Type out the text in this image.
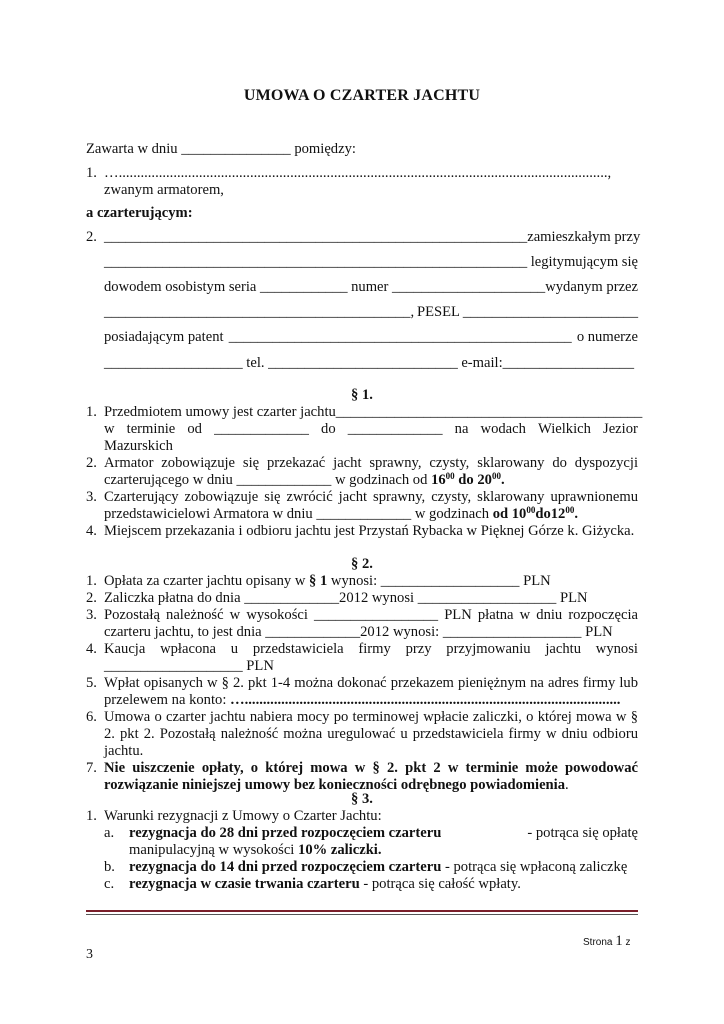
UMOWA O CZARTER JACHTU
Zawarta w dniu _______________ pomiędzy:
1. …......................................................................................................................................,
zwanym armatorem,
a czarterującym:
2. __________________________________________________________ zamieszkałym przy
__________________________________________________________ legitymującym się
dowodem osobistym seria ____________ numer _____________________wydanym przez
__________________________________________, PESEL ________________________
posiadającym patent _______________________________________________ o numerze
___________________ tel. __________________________ e-mail:__________________
§ 1.
1. Przedmiotem umowy jest czarter jachtu__________________________________________
w terminie od _____________ do _____________ na wodach Wielkich Jezior
Mazurskich
2. Armator zobowiązuje się przekazać jacht sprawny, czysty, sklarowany do dyspozycji
czarterującego w dniu _____________ w godzinach od $16^{00}$ do $20^{00}$.
3. Czarterujący zobowiązuje się zwrócić jacht sprawny, czysty, sklarowany uprawnionemu
przedstawicielowi Armatora w dniu _____________ w godzinach od $10^{00}do12^{00}$.
4. Miejscem przekazania i odbioru jachtu jest Przystań Rybacka w Pięknej Górze k. Giżycka.
§ 2.
1. Opłata za czarter jachtu opisany w § 1 wynosi: ___________________ PLN
2. Zaliczka płatna do dnia _____________2012 wynosi ___________________ PLN
3. Pozostałą należność w wysokości _________________ PLN płatna w dniu rozpoczęcia
czarteru jachtu, to jest dnia _____________2012 wynosi: ___________________ PLN
4. Kaucja wpłacona u przedstawiciela firmy przy przyjmowaniu jachtu wynosi
___________________ PLN
5. Wpłat opisanych w § 2. pkt 1-4 można dokonać przekazem pieniężnym na adres firmy lub
przelewem na konto: ….......................................................................................................
6. Umowa o czarter jachtu nabiera mocy po terminowej wpłacie zaliczki, o której mowa w §
2. pkt 2. Pozostałą należność można uregulować u przedstawiciela firmy w dniu odbioru
jachtu.
7. Nie uiszczenie opłaty, o której mowa w § 2. pkt 2 w terminie może powodować
rozwiązanie niniejszej umowy bez konieczności odrębnego powiadomienia.
§ 3.
1. Warunki rezygnacji z Umowy o Czarter Jachtu:
a. rezygnacja do 28 dni przed rozpoczęciem czarteru	- potrąca się opłatę
manipulacyjną w wysokości 10% zaliczki.
b. rezygnacja do 14 dni przed rozpoczęciem czarteru - potrąca się wpłaconą zaliczkę
c. rezygnacja w czasie trwania czarteru - potrąca się całość wpłaty.
Strona 1 z
3
